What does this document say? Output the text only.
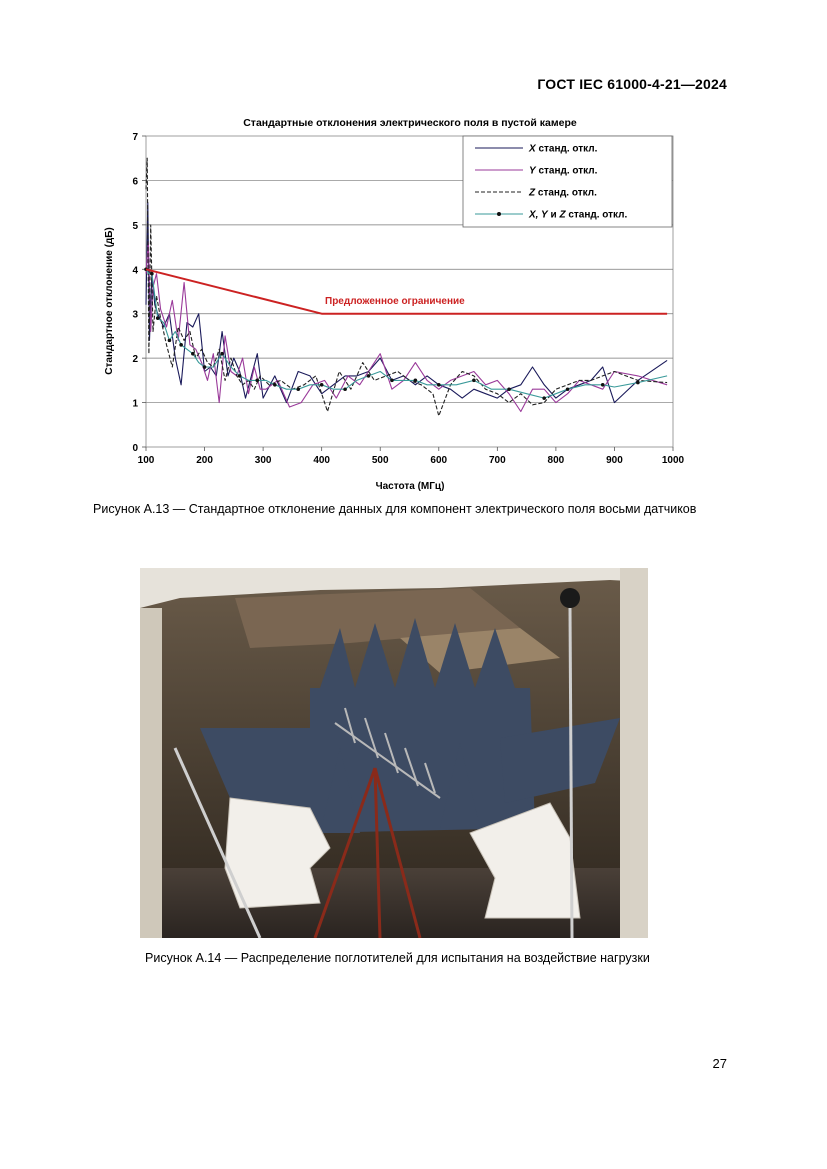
ГОСТ IEC 61000-4-21—2024
Стандартные отклонения электрического поля в пустой камере
0
1
2
3
4
5
6
7
100	200	300	400	500	600	700	800	900	1000
Стандартное отклонение (дБ)
Частота (МГц)
Предложенное ограничение
X станд. откл.
Y станд. откл.
Z станд. откл.
X, Y и Z станд. откл.
Рисунок А.13 — Стандартное отклонение данных для компонент электрического поля восьми датчиков
Рисунок А.14 — Распределение поглотителей для испытания на воздействие нагрузки
27
